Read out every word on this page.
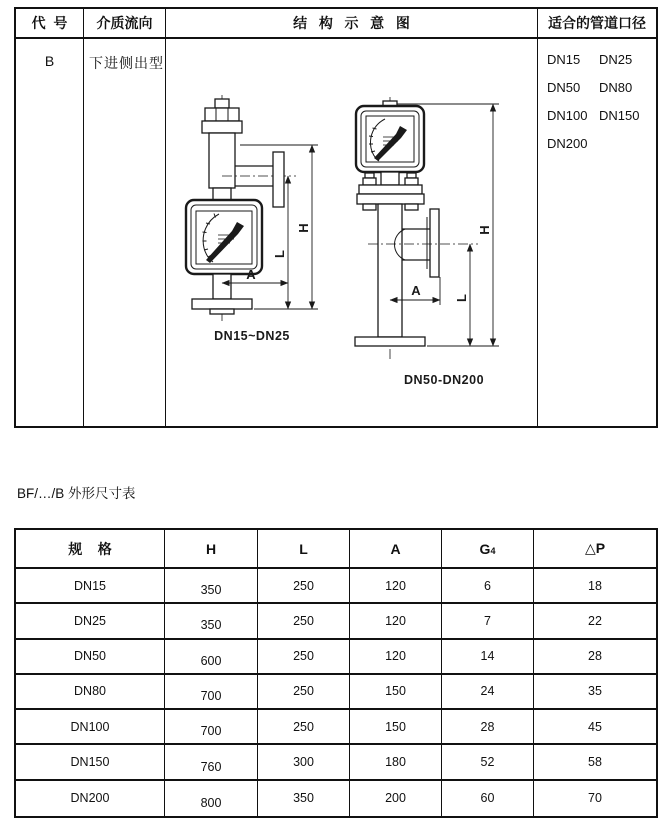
代  号	介质流向	结   构   示   意   图	适合的管道口径
B	下进侧出型
H
L
A
DN15~DN25
H
L
A
DN50-DN200
DN15	DN25
DN50	DN80
DN100 DN150
DN200
BF/…/B 外形尺寸表
规    格	H	L	A	G 4	△P
DN15	350	250	120	6	18
DN25	350	250	120	7	22
DN50	600	250	120	14	28
DN80	700	250	150	24	35
DN100	700	250	150	28	45
DN150	760	300	180	52	58
DN200	800	350	200	60	70
